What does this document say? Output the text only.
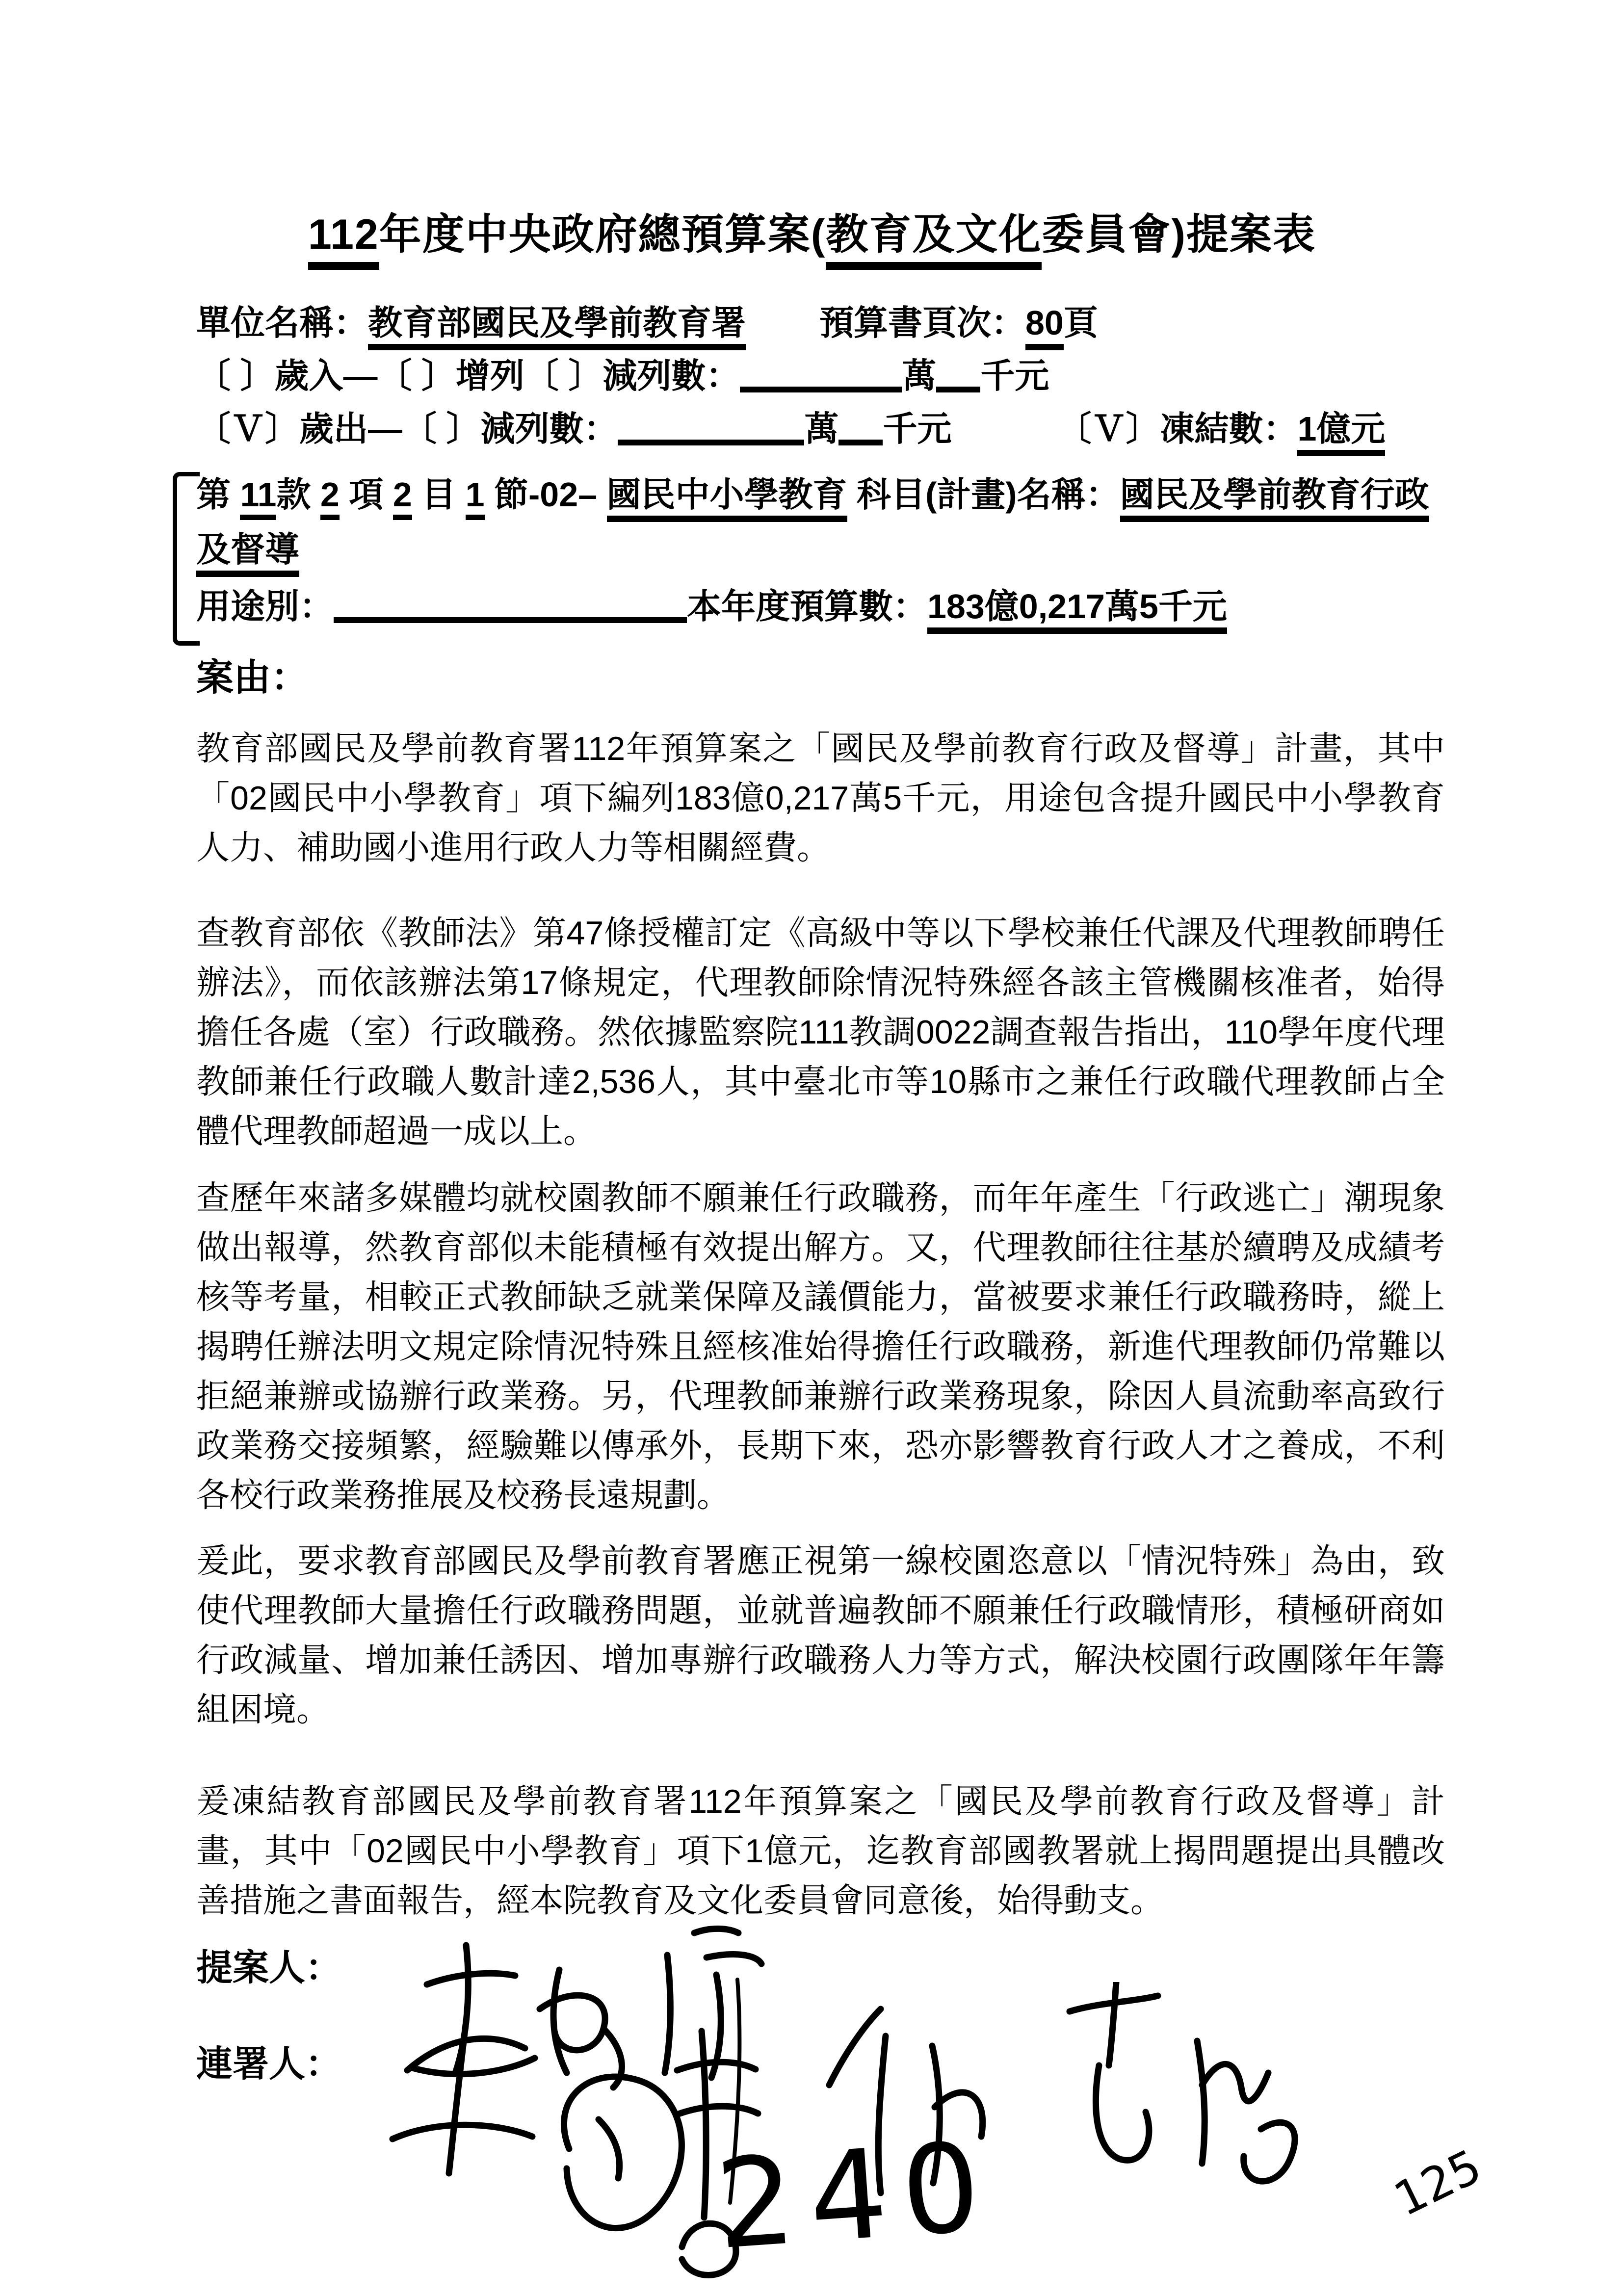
112年度中央政府總預算案(教育及文化委員會)提案表
單位名稱：教育部國民及學前教育署 預算書頁次：80頁
〔 〕歲入—〔 〕增列〔 〕減列數：	萬 千元
〔Ｖ〕歲出—〔 〕減列數：	萬 千元	〔Ｖ〕凍結數：1億元
第 11款 2 項 2 目 1 節-02– 國民中小學教育 科目(計畫)名稱：國民及學前教育行政及督導
用途別：	本年度預算數：183億0,217萬5千元
案由：
教育部國民及學前教育署112年預算案之「國民及學前教育行政及督導」計畫，其中「02國民中小學教育」項下編列183億0,217萬5千元，用途包含提升國民中小學教育人力、補助國小進用行政人力等相關經費。
查教育部依《教師法》第47條授權訂定《高級中等以下學校兼任代課及代理教師聘任辦法》，而依該辦法第17條規定，代理教師除情況特殊經各該主管機關核准者，始得擔任各處（室）行政職務。然依據監察院111教調0022調查報告指出，110學年度代理教師兼任行政職人數計達2,536人，其中臺北市等10縣市之兼任行政職代理教師占全體代理教師超過一成以上。
查歷年來諸多媒體均就校園教師不願兼任行政職務，而年年產生「行政逃亡」潮現象做出報導，然教育部似未能積極有效提出解方。又，代理教師往往基於續聘及成績考核等考量，相較正式教師缺乏就業保障及議價能力，當被要求兼任行政職務時，縱上揭聘任辦法明文規定除情況特殊且經核准始得擔任行政職務，新進代理教師仍常難以拒絕兼辦或協辦行政業務。另，代理教師兼辦行政業務現象，除因人員流動率高致行政業務交接頻繁，經驗難以傳承外，長期下來，恐亦影響教育行政人才之養成，不利各校行政業務推展及校務長遠規劃。
爰此，要求教育部國民及學前教育署應正視第一線校園恣意以「情況特殊」為由，致使代理教師大量擔任行政職務問題，並就普遍教師不願兼任行政職情形，積極研商如行政減量、增加兼任誘因、增加專辦行政職務人力等方式，解決校園行政團隊年年籌組困境。
爰凍結教育部國民及學前教育署112年預算案之「國民及學前教育行政及督導」計畫，其中「02國民中小學教育」項下1億元，迄教育部國教署就上揭問題提出具體改善措施之書面報告，經本院教育及文化委員會同意後，始得動支。
提案人：
連署人：
240	125
